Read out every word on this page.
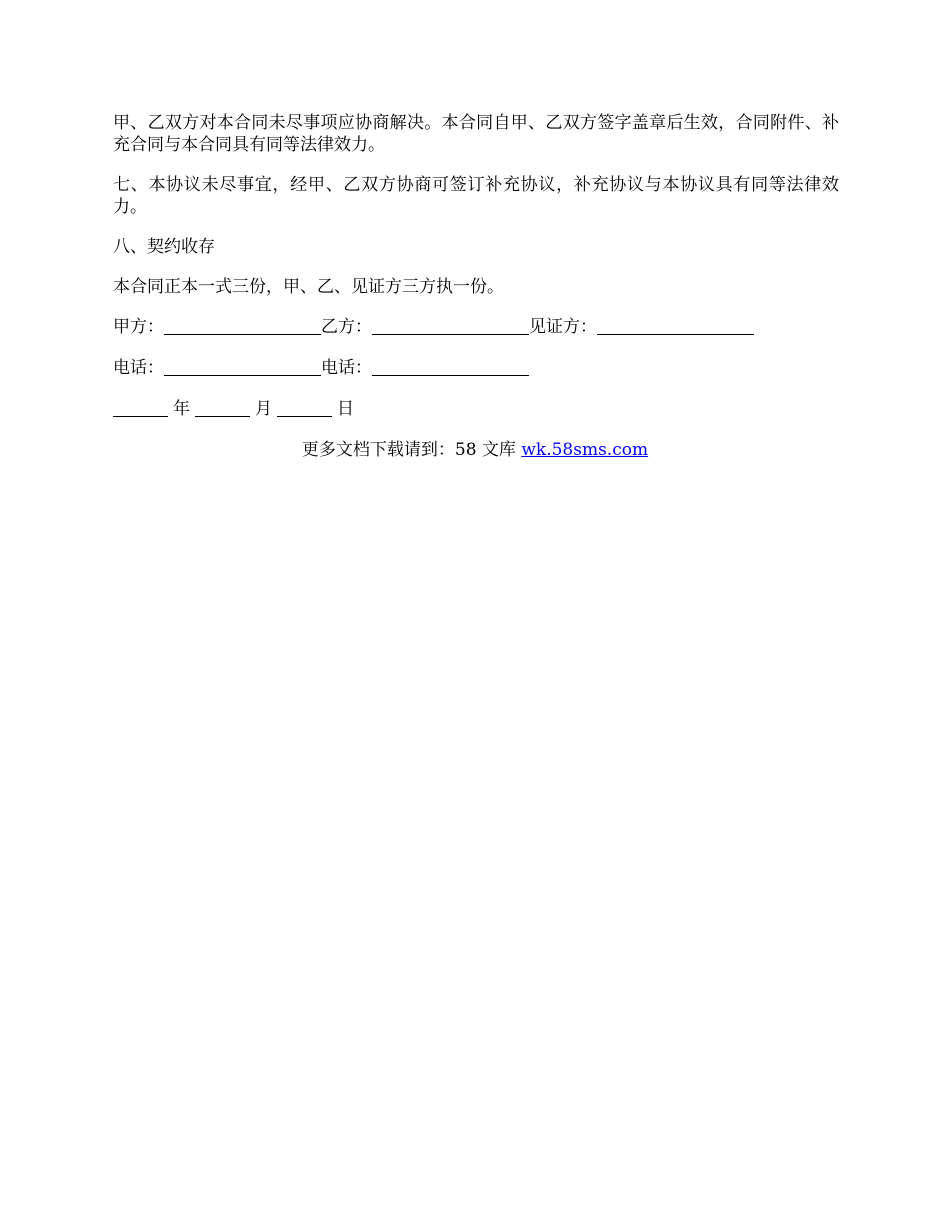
甲、乙双方对本合同未尽事项应协商解决。本合同自甲、乙双方签字盖章后生效，合同附件、补充合同与本合同具有同等法律效力。

七、本协议未尽事宜，经甲、乙双方协商可签订补充协议，补充协议与本协议具有同等法律效力。

八、契约收存

本合同正本一式三份，甲、乙、见证方三方执一份。

甲方：	乙方：	见证方：
电话：	电话：
年	月	日
更多文档下载请到：58 文库 wk.58sms.com
